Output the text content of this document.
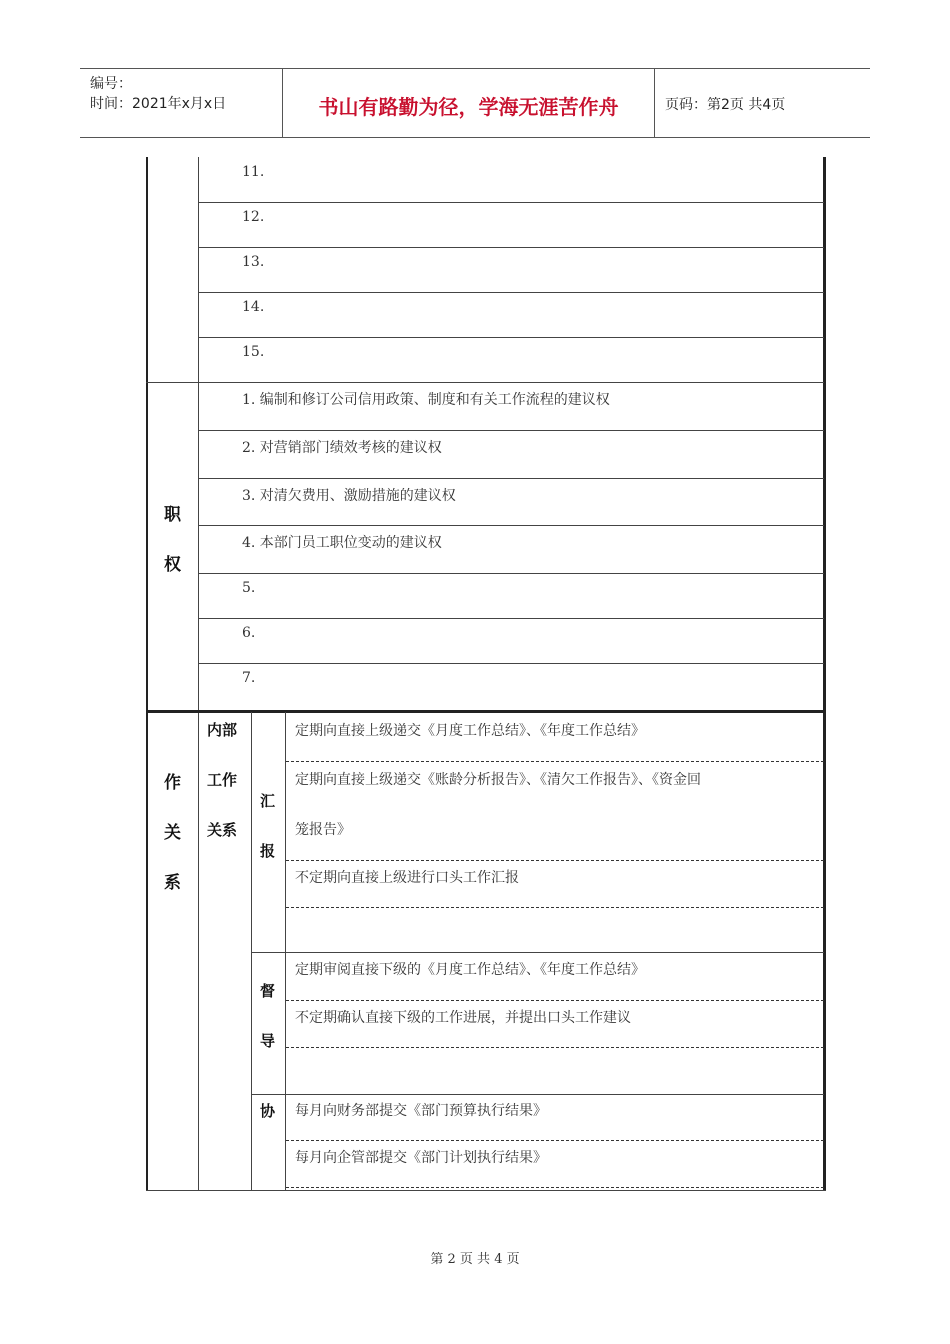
编号：
时间：2021年x月x日	书山有路勤为径，学海无涯苦作舟	页码：第2页 共4页
11.
12.
13.
14.
15.
职
权
1. 编制和修订公司信用政策、制度和有关工作流程的建议权
2. 对营销部门绩效考核的建议权
3. 对清欠费用、激励措施的建议权
4. 本部门员工职位变动的建议权
5.
6.
7.
作
关
系
内部
工作
关系
汇
报
定期向直接上级递交《月度工作总结》、《年度工作总结》
定期向直接上级递交《账龄分析报告》、《清欠工作报告》、《资金回
笼报告》
不定期向直接上级进行口头工作汇报
督
导
定期审阅直接下级的《月度工作总结》、《年度工作总结》
不定期确认直接下级的工作进展，并提出口头工作建议
协 每月向财务部提交《部门预算执行结果》
每月向企管部提交《部门计划执行结果》
第 2 页 共 4 页
